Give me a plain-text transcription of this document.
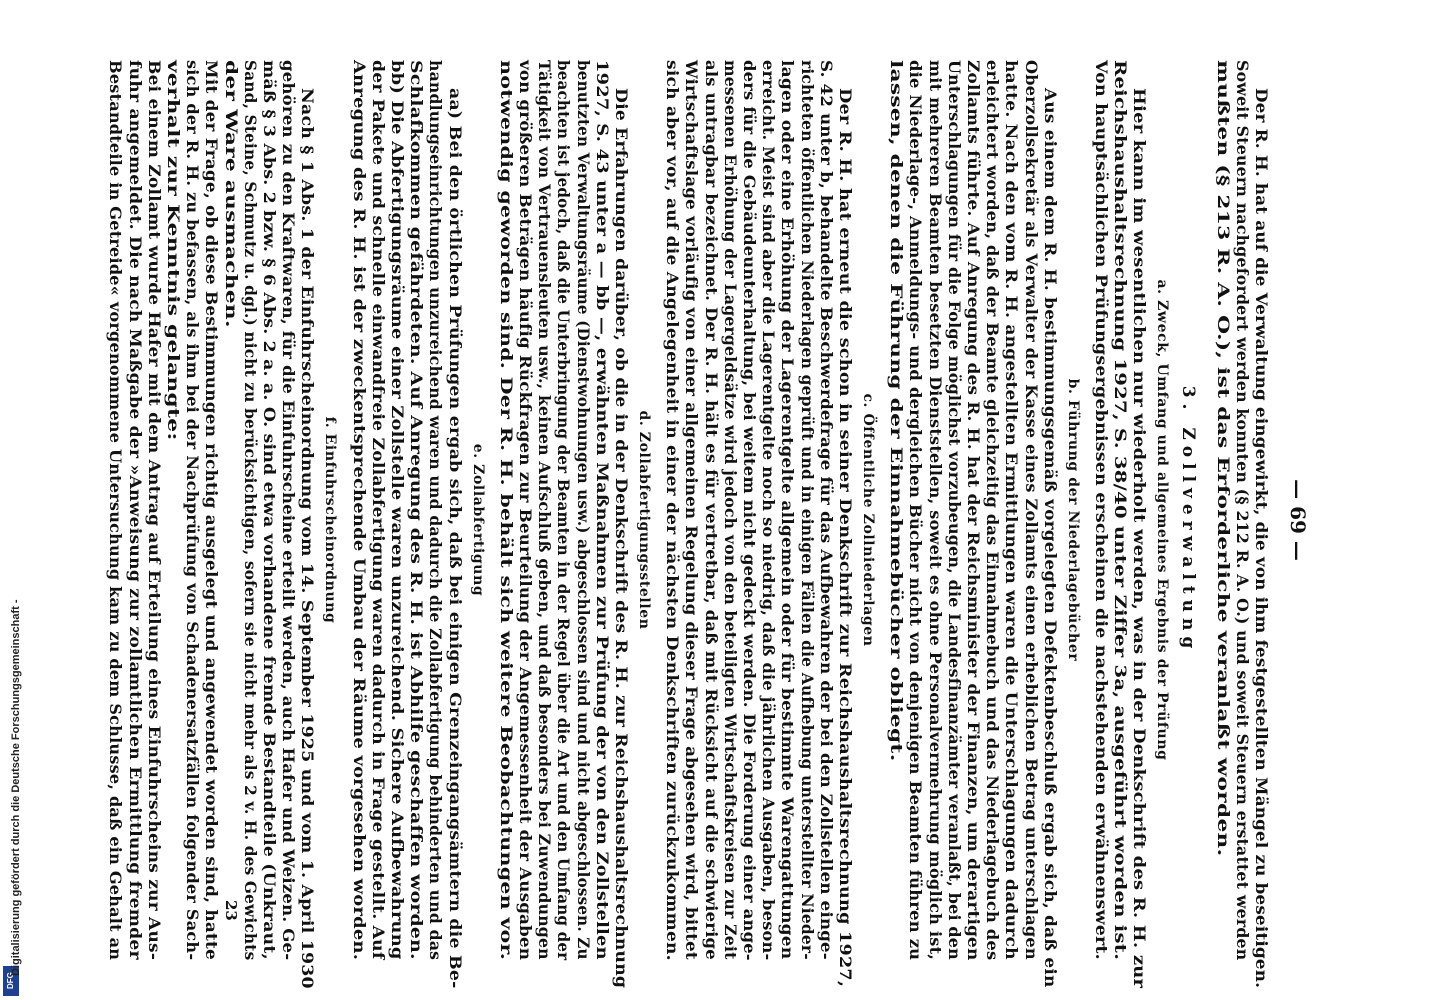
— 69 —
Der R. H. hat auf die Verwaltung eingewirkt, die von ihm festgestellten Mängel zu beseitigen.
Soweit Steuern nachgefordert werden konnten (§ 212 R. A. O.) und soweit Steuern erstattet werden
mußten (§ 213 R. A. O.), ist das Erforderliche veranlaßt worden.
3. Zollverwaltung
a. Zweck, Umfang und allgemeines Ergebnis der Prüfung
Hier kann im wesentlichen nur wiederholt werden, was in der Denkschrift des R. H. zur
Reichshaushaltsrechnung 1927, S. 38/40 unter Ziffer 3a, ausgeführt worden ist.
Von hauptsächlichen Prüfungsergebnissen erscheinen die nachstehenden erwähnenswert.
b. Führung der Niederlagebücher
Aus einem dem R. H. bestimmungsgemäß vorgelegten Defektenbeschluß ergab sich, daß ein
Oberzollsekretär als Verwalter der Kasse eines Zollamts einen erheblichen Betrag unterschlagen
hatte. Nach den vom R. H. angestellten Ermittlungen waren die Unterschlagungen dadurch
erleichtert worden, daß der Beamte gleichzeitig das Einnahmebuch und das Niederlagebuch des
Zollamts führte. Auf Anregung des R. H. hat der Reichsminister der Finanzen, um derartigen
Unterschlagungen für die Folge möglichst vorzubeugen, die Landesfinanzämter veranlaßt, bei den
mit mehreren Beamten besetzten Dienststellen, soweit es ohne Personalvermehrung möglich ist,
die Niederlage-, Anmeldungs- und dergleichen Bücher nicht von denjenigen Beamten führen zu
lassen, denen die Führung der Einnahmebücher obliegt.
c. Öffentliche Zollniederlagen
Der R. H. hat erneut die schon in seiner Denkschrift zur Reichshaushaltsrechnung 1927,
S. 42 unter b, behandelte Beschwerdefrage für das Aufbewahren der bei den Zollstellen einge-
richteten öffentlichen Niederlagen geprüft und in einigen Fällen die Aufhebung unterstellter Nieder-
lagen oder eine Erhöhung der Lagerentgelte allgemein oder für bestimmte Warengattungen
erreicht. Meist sind aber die Lagerentgelte noch so niedrig, daß die jährlichen Ausgaben, beson-
ders für die Gebäudeunterhaltung, bei weitem nicht gedeckt werden. Die Forderung einer ange-
messenen Erhöhung der Lagergeldsätze wird jedoch von den beteiligten Wirtschaftskreisen zur Zeit
als untragbar bezeichnet. Der R. H. hält es für vertretbar, daß mit Rücksicht auf die schwierige
Wirtschaftslage vorläufig von einer allgemeinen Regelung dieser Frage abgesehen wird, bittet
sich aber vor, auf die Angelegenheit in einer der nächsten Denkschriften zurückzukommen.
d. Zollabfertigungsstellen
Die Erfahrungen darüber, ob die in der Denkschrift des R. H. zur Reichshaushaltsrechnung
1927, S. 43 unter a — bb —, erwähnten Maßnahmen zur Prüfung der von den Zollstellen
benutzten Verwaltungsräume (Dienstwohnungen usw.) abgeschlossen sind und nicht abgeschlossen. Zu
beachten ist jedoch, daß die Unterbringung der Beamten in der Regel über die Art und den Umfang der
Tätigkeit von Vertrauensleuten usw., keinen Aufschluß geben, und daß besonders bei Zuwendungen
von größeren Beträgen häufig Rückfragen zur Beurteilung der Angemessenheit der Ausgaben
notwendig geworden sind. Der R. H. behält sich weitere Beobachtungen vor.
e. Zollabfertigung
aa) Bei den örtlichen Prüfungen ergab sich, daß bei einigen Grenzeingangsämtern die Be-
handlungseinrichtungen unzureichend waren und dadurch die Zollabfertigung behinderten und das
Schlafkommen gefährdeten. Auf Anregung des R. H. ist Abhilfe geschaffen worden.
bb) Die Abfertigungsräume einer Zollstelle waren unzureichend. Sichere Aufbewahrung
der Pakete und schnelle einwandfreie Zollabfertigung waren dadurch in Frage gestellt. Auf
Anregung des R. H. ist der zweckentsprechende Umbau der Räume vorgesehen worden.
f. Einfuhrscheinordnung
Nach § 1 Abs. 1 der Einfuhrscheinordnung vom 14. September 1925 und vom 1. April 1930
gehören zu den Kraftwaren, für die Einfuhrscheine erteilt werden, auch Hafer und Weizen. Ge-
mäß § 3 Abs. 2 bzw. § 6 Abs. 2 a. a. O. sind etwa vorhandene fremde Bestandteile (Unkraut,
Sand, Steine, Schmutz u. dgl.) nicht zu berücksichtigen, sofern sie nicht mehr als 2 v. H. des Gewichts
der Ware ausmachen.
Mit der Frage, ob diese Bestimmungen richtig ausgelegt und angewendet worden sind, hatte
sich der R. H. zu befassen, als ihm bei der Nachprüfung von Schadenersatzfällen folgender Sach-
verhalt zur Kenntnis gelangte:
Bei einem Zollamt wurde Hafer mit dem Antrag auf Erteilung eines Einfuhrscheins zur Aus-
fuhr angemeldet. Die nach Maßgabe der »Anweisung zur zollamtlichen Ermittlung fremder
Bestandteile in Getreide« vorgenommene Untersuchung kam zu dem Schlusse, daß ein Gehalt an	23
DFG
Digitalisierung gefördert durch die Deutsche Forschungsgemeinschaft -
